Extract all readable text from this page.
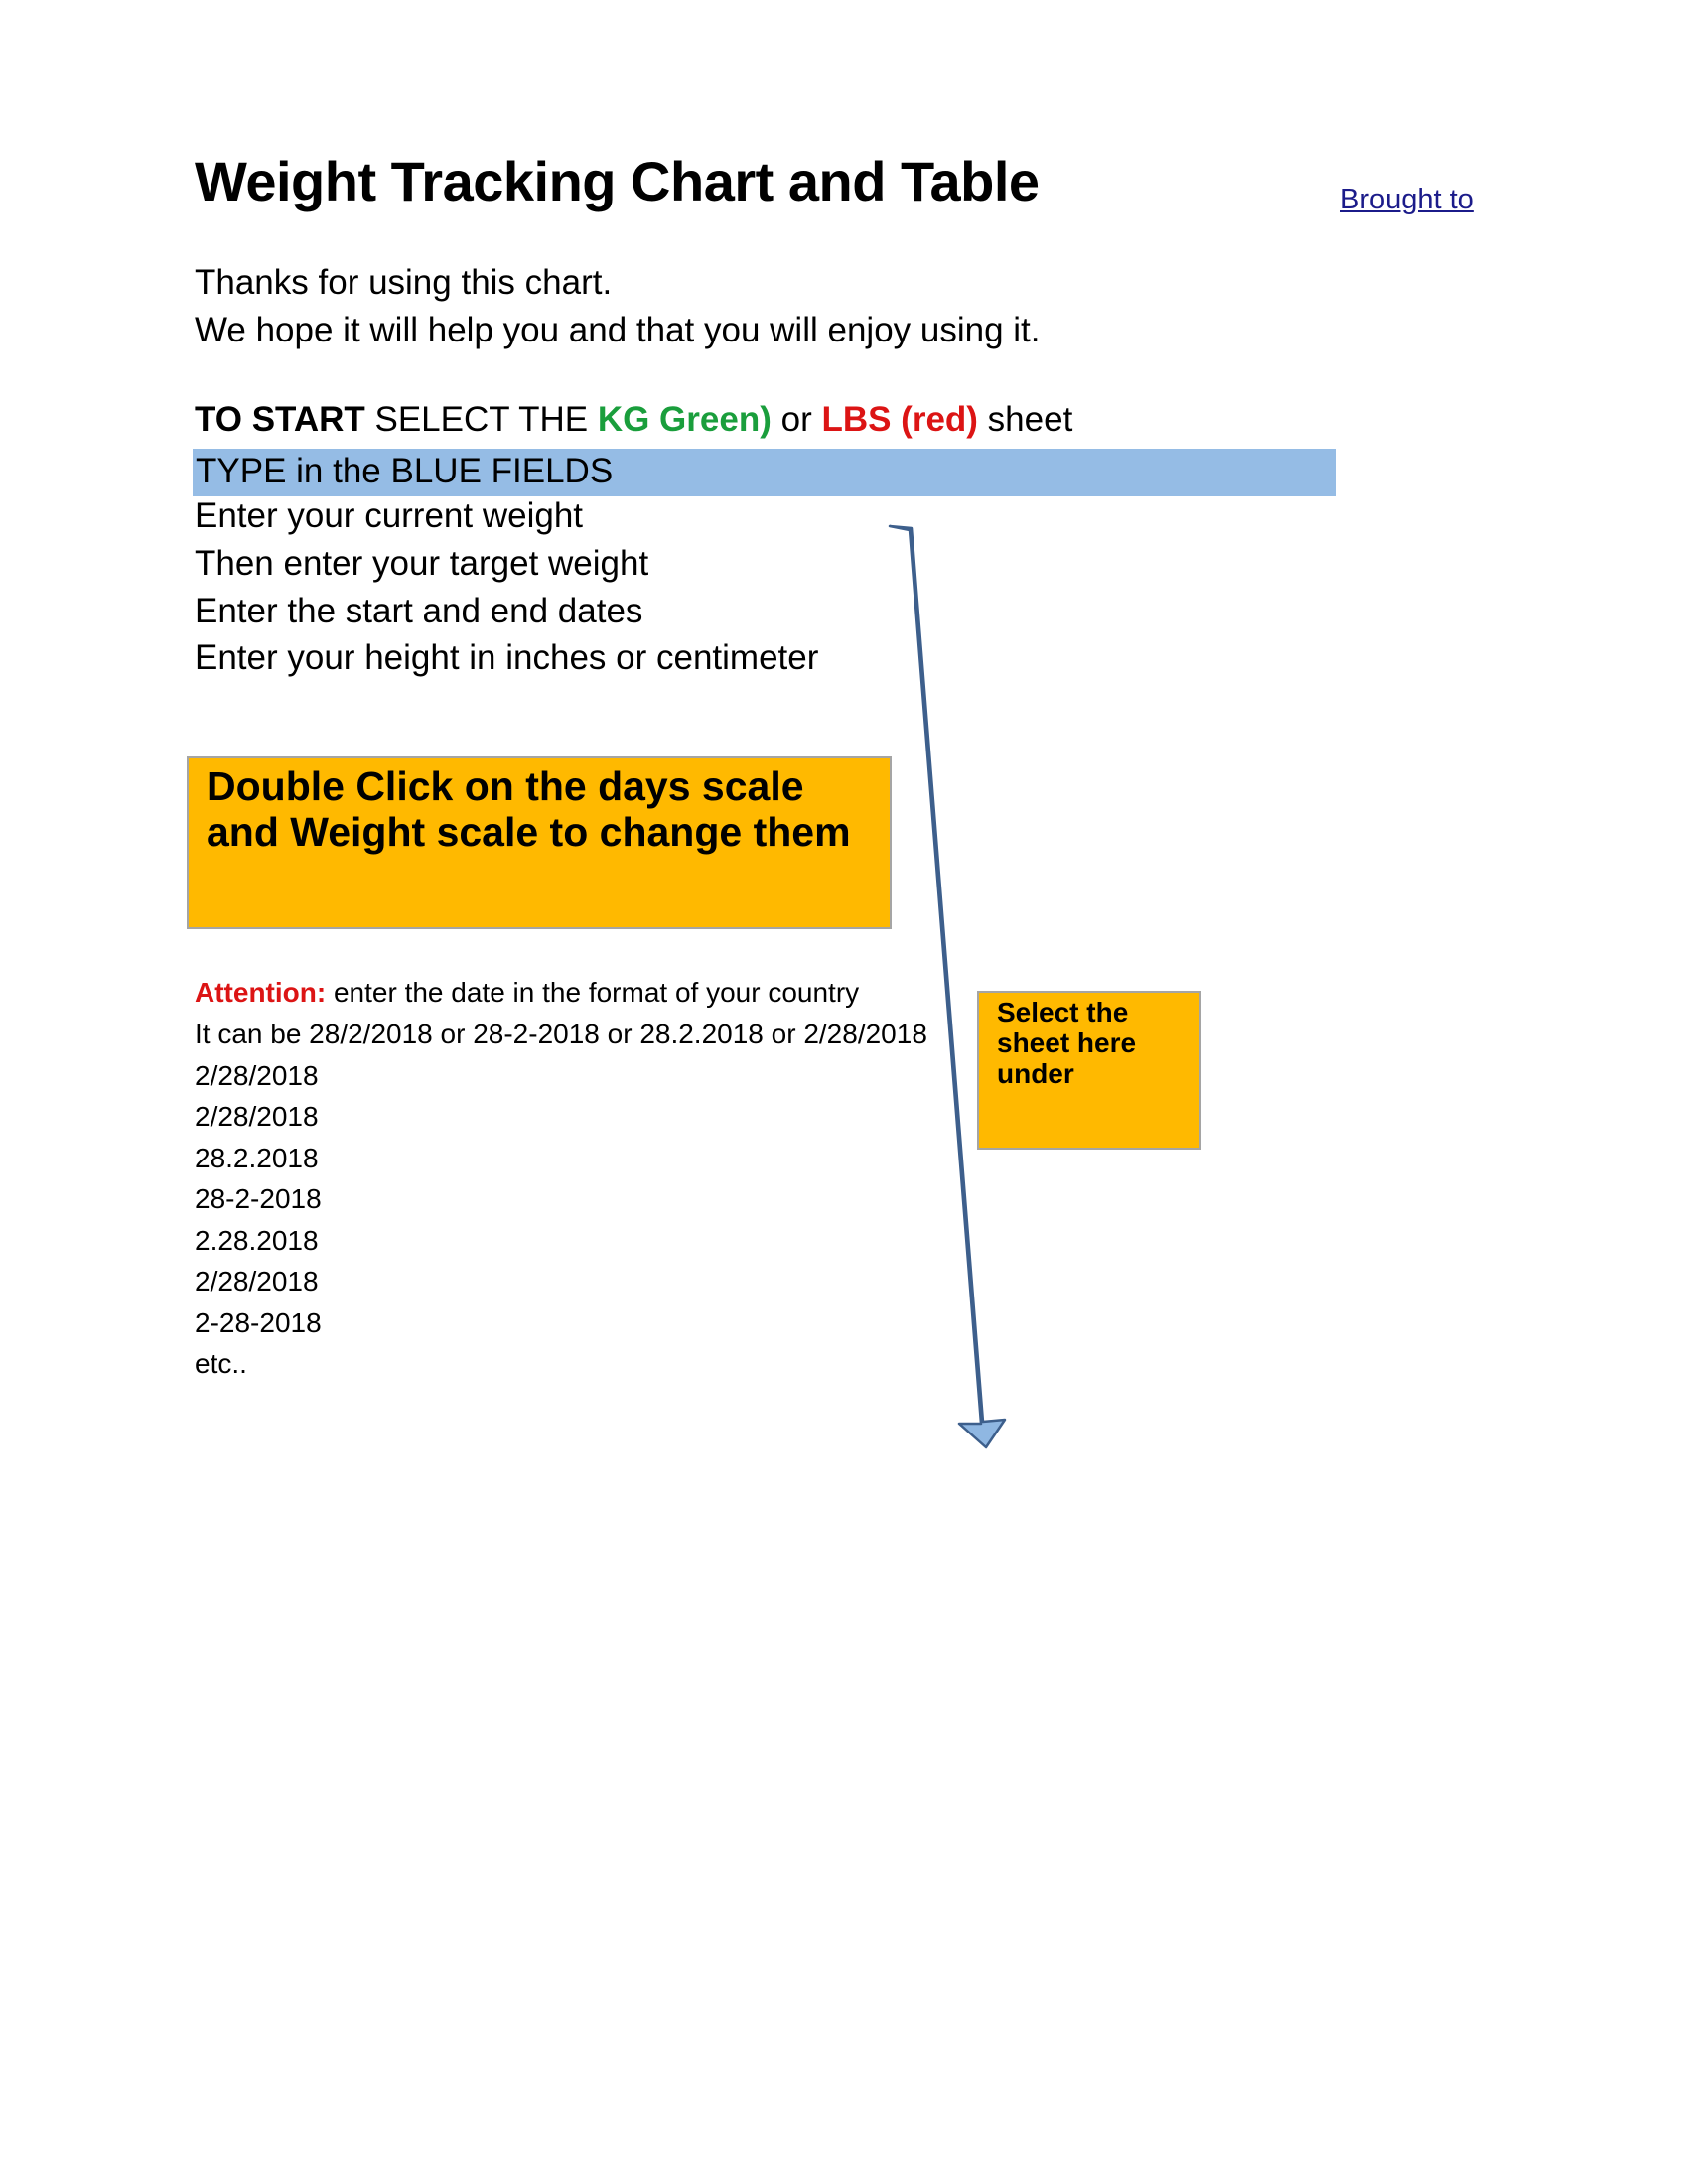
Weight Tracking Chart and Table	Brought to
Thanks for using this chart.
We hope it will help you and that you will enjoy using it.
TO START SELECT THE KG Green) or LBS (red) sheet
TYPE in the BLUE FIELDS
Enter your current weight
Then enter your target weight
Enter the start and end dates
Enter your height in inches or centimeter

Double Click on the days scale and Weight scale to change them

Attention: enter the date in the format of your country
It can be 28/2/2018 or 28-2-2018 or 28.2.2018 or 2/28/2018
2/28/2018
2/28/2018
28.2.2018
28-2-2018
2.28.2018
2/28/2018
2-28-2018
etc..

Select the sheet here under
